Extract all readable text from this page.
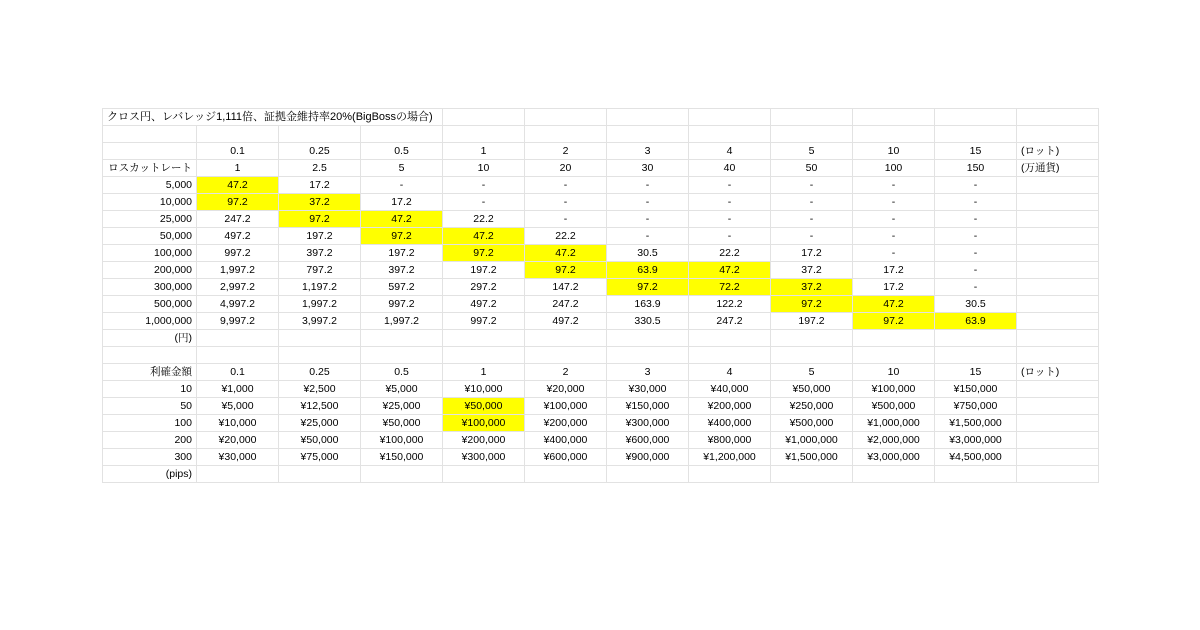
クロス円、レバレッジ1,111倍、証拠金維持率20%(BigBossの場合)											

	0.1	0.25	0.5	1	2	3	4	5	10	15	(ロット)
ロスカットレート	1	2.5	5	10	20	30	40	50	100	150	(万通貨)
5,000	47.2	17.2	-	-	-	-	-	-	-	-	
10,000	97.2	37.2	17.2	-	-	-	-	-	-	-	
25,000	247.2	97.2	47.2	22.2	-	-	-	-	-	-	
50,000	497.2	197.2	97.2	47.2	22.2	-	-	-	-	-	
100,000	997.2	397.2	197.2	97.2	47.2	30.5	22.2	17.2	-	-	
200,000	1,997.2	797.2	397.2	197.2	97.2	63.9	47.2	37.2	17.2	-	
300,000	2,997.2	1,197.2	597.2	297.2	147.2	97.2	72.2	37.2	17.2	-	
500,000	4,997.2	1,997.2	997.2	497.2	247.2	163.9	122.2	97.2	47.2	30.5	
1,000,000	9,997.2	3,997.2	1,997.2	997.2	497.2	330.5	247.2	197.2	97.2	63.9	
(円)											

利確金額	0.1	0.25	0.5	1	2	3	4	5	10	15	(ロット)
10	¥1,000	¥2,500	¥5,000	¥10,000	¥20,000	¥30,000	¥40,000	¥50,000	¥100,000	¥150,000	
50	¥5,000	¥12,500	¥25,000	¥50,000	¥100,000	¥150,000	¥200,000	¥250,000	¥500,000	¥750,000	
100	¥10,000	¥25,000	¥50,000	¥100,000	¥200,000	¥300,000	¥400,000	¥500,000	¥1,000,000	¥1,500,000	
200	¥20,000	¥50,000	¥100,000	¥200,000	¥400,000	¥600,000	¥800,000	¥1,000,000	¥2,000,000	¥3,000,000	
300	¥30,000	¥75,000	¥150,000	¥300,000	¥600,000	¥900,000	¥1,200,000	¥1,500,000	¥3,000,000	¥4,500,000	
(pips)											
